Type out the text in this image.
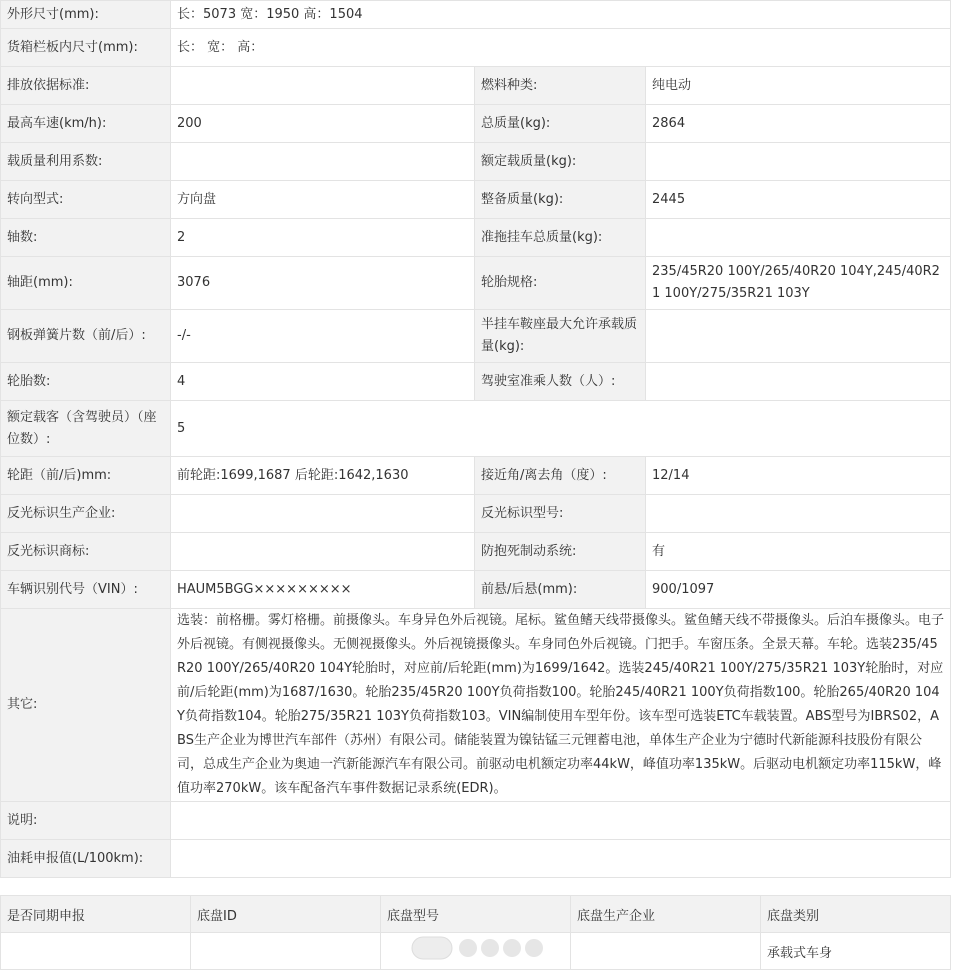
外形尺寸(mm):	长：5073 宽：1950 高：1504		
货箱栏板内尺寸(mm):	长： 宽： 高：		
排放依据标准:		燃料种类:	纯电动
最高车速(km/h):	200	总质量(kg):	2864
载质量利用系数:		额定载质量(kg):	
转向型式:	方向盘	整备质量(kg):	2445
轴数:	2	准拖挂车总质量(kg):	
轴距(mm):	3076	轮胎规格:	235/45R20 100Y/265/40R20 104Y,245/40R21 100Y/275/35R21 103Y
钢板弹簧片数（前/后）:	-/-	半挂车鞍座最大允许承载质量(kg):	
轮胎数:	4	驾驶室准乘人数（人）:	
额定载客（含驾驶员）（座位数）:	5		
轮距（前/后)mm:	前轮距:1699,1687 后轮距:1642,1630	接近角/离去角（度）:	12/14
反光标识生产企业:		反光标识型号:	
反光标识商标:		防抱死制动系统:	有
车辆识别代号（VIN）:	HAUM5BGG×××××××××	前悬/后悬(mm):	900/1097
其它:	选装：前格栅。雾灯格栅。前摄像头。车身异色外后视镜。尾标。鲨鱼鳍天线带摄像头。鲨鱼鳍天线不带摄像头。后泊车摄像头。电子外后视镜。有侧视摄像头。无侧视摄像头。外后视镜摄像头。车身同色外后视镜。门把手。车窗压条。全景天幕。车轮。选装235/45R20 100Y/265/40R20 104Y轮胎时，对应前/后轮距(mm)为1699/1642。选装245/40R21 100Y/275/35R21 103Y轮胎时，对应前/后轮距(mm)为1687/1630。轮胎235/45R20 100Y负荷指数100。轮胎245/40R21 100Y负荷指数100。轮胎265/40R20 104Y负荷指数104。轮胎275/35R21 103Y负荷指数103。VIN编制使用车型年份。该车型可选装ETC车载装置。ABS型号为IBRS02，ABS生产企业为博世汽车部件（苏州）有限公司。储能装置为镍钴锰三元锂蓄电池，单体生产企业为宁德时代新能源科技股份有限公司，总成生产企业为奥迪一汽新能源汽车有限公司。前驱动电机额定功率44kW，峰值功率135kW。后驱动电机额定功率115kW，峰值功率270kW。该车配备汽车事件数据记录系统(EDR)。		
说明:			
油耗申报值(L/100km):			
是否同期申报	底盘ID	底盘型号	底盘生产企业	底盘类别
				承载式车身
